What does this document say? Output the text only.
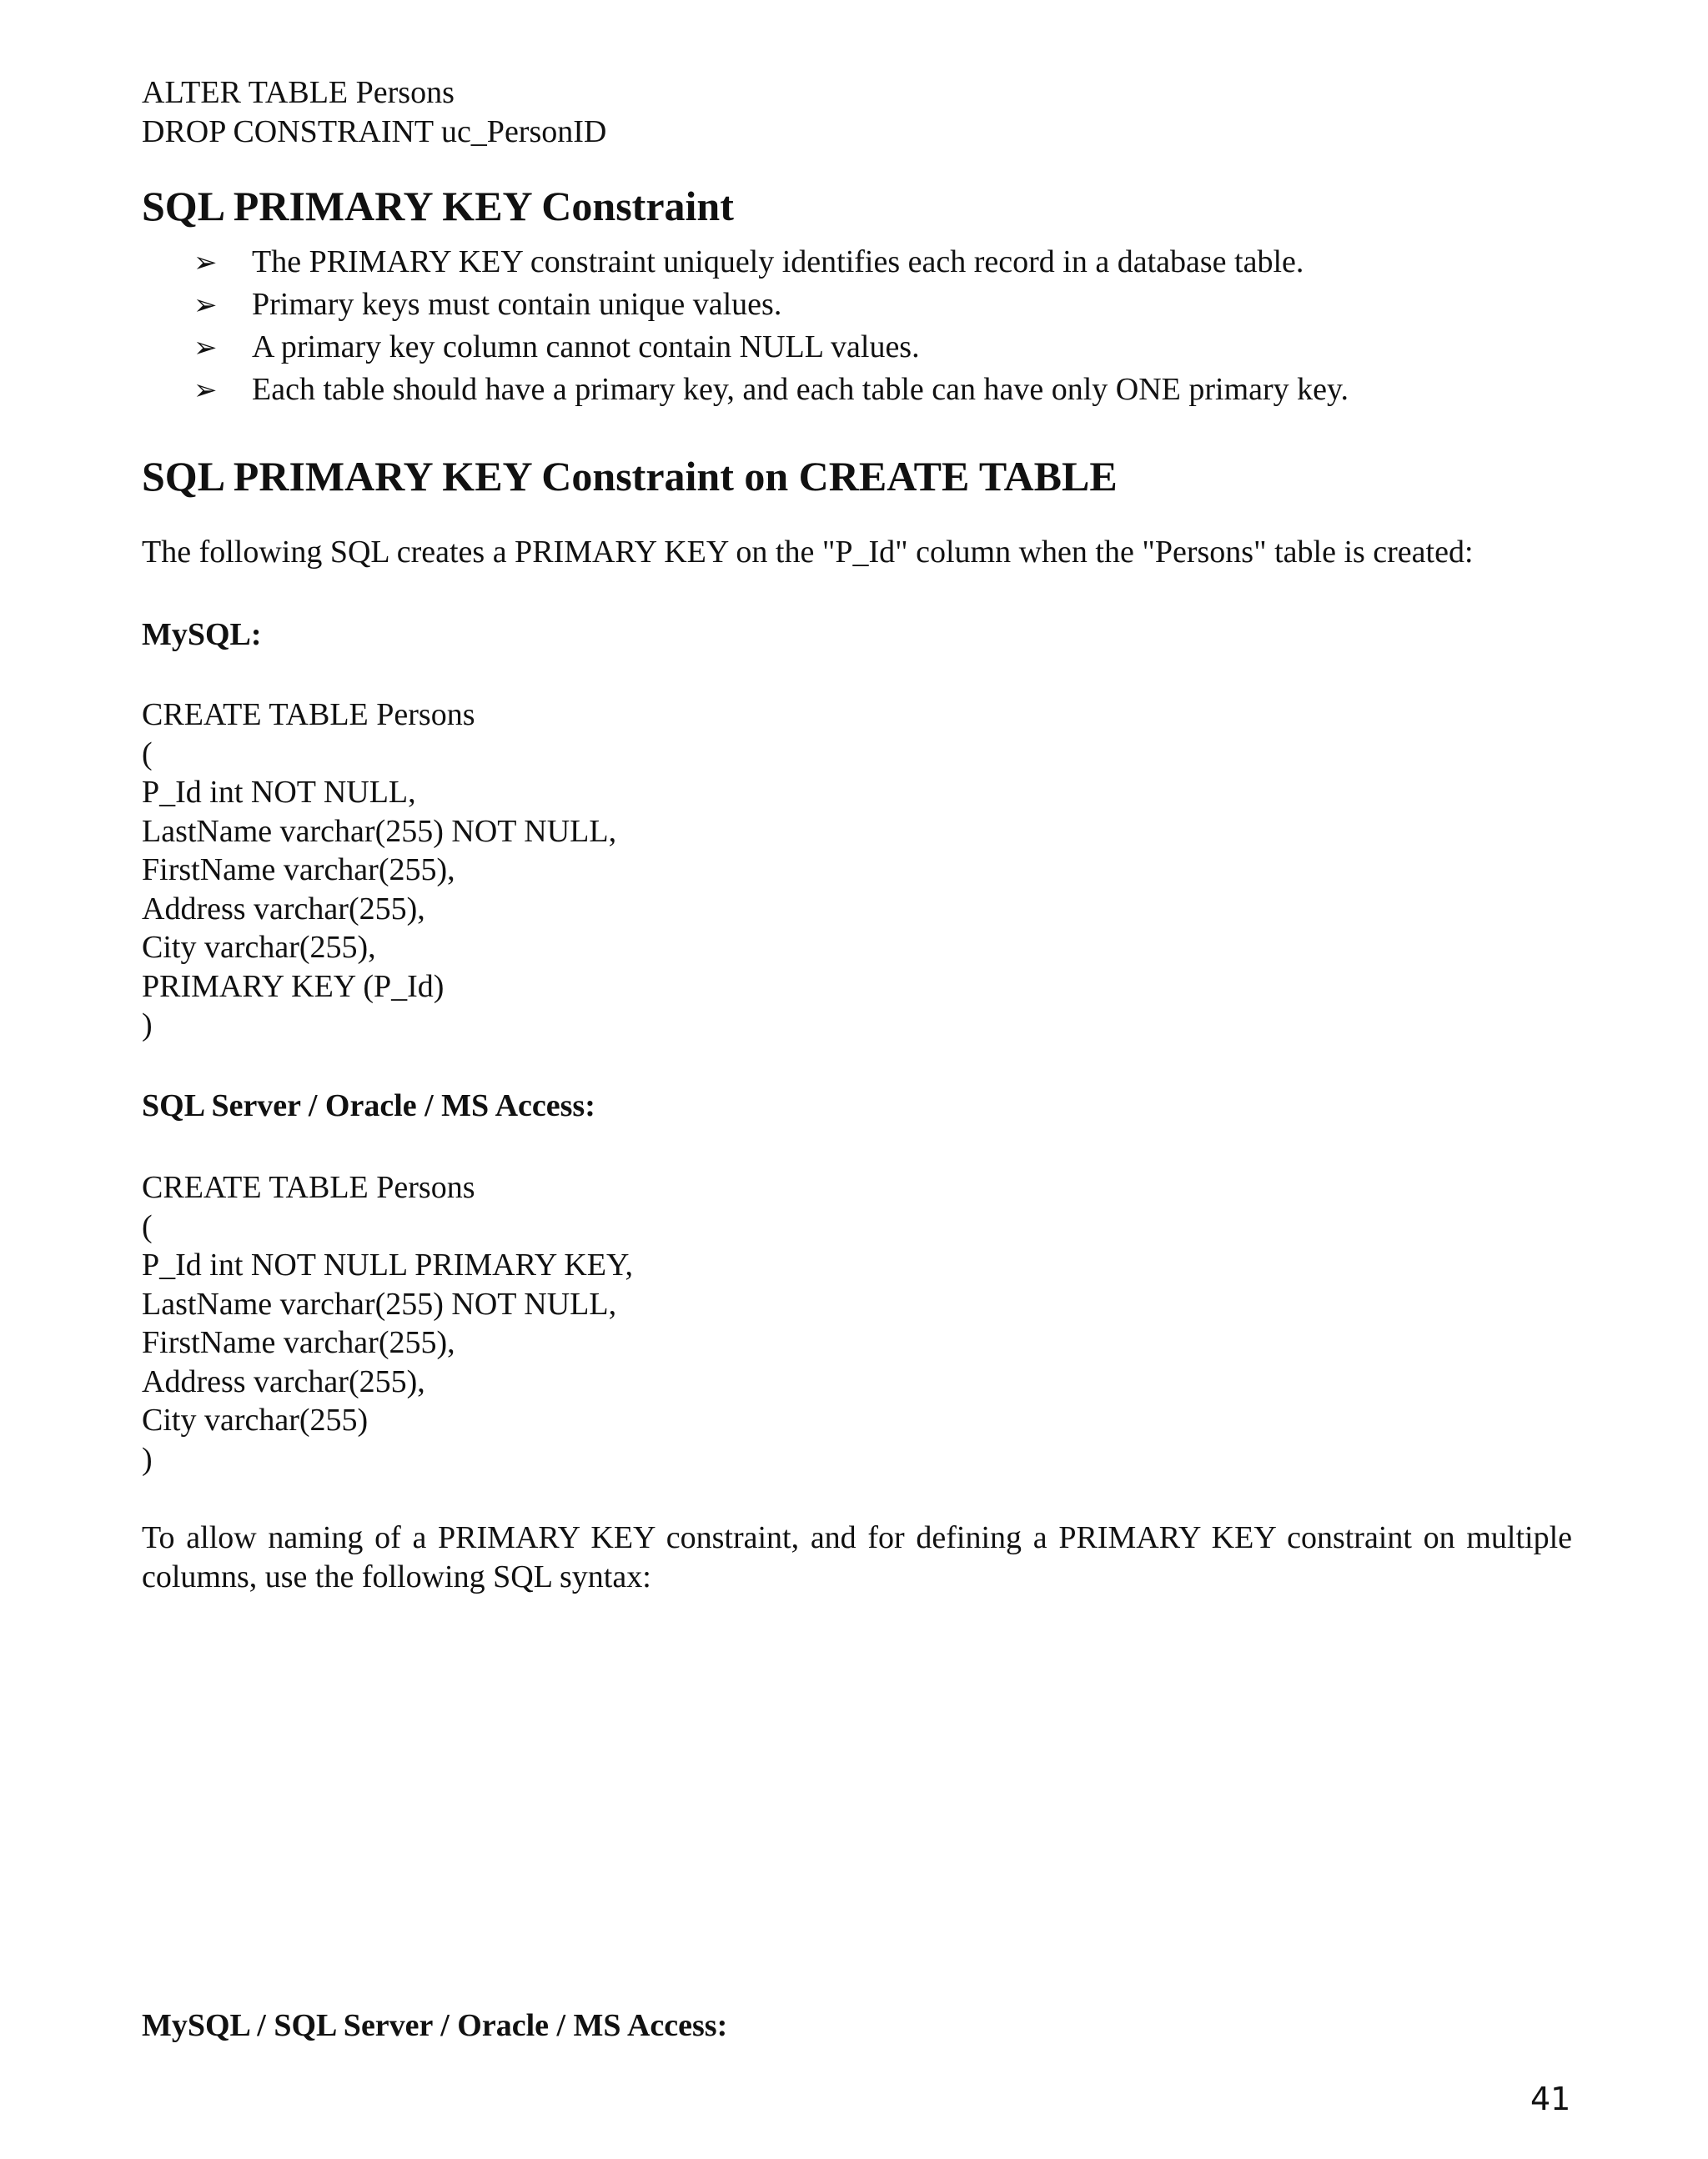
ALTER TABLE Persons
DROP CONSTRAINT uc_PersonID
SQL PRIMARY KEY Constraint
➢	The PRIMARY KEY constraint uniquely identifies each record in a database table.
➢	Primary keys must contain unique values.
➢	A primary key column cannot contain NULL values.
➢	Each table should have a primary key, and each table can have only ONE primary key.
SQL PRIMARY KEY Constraint on CREATE TABLE
The following SQL creates a PRIMARY KEY on the "P_Id" column when the "Persons" table is created:
MySQL:
CREATE TABLE Persons
(
P_Id int NOT NULL,
LastName varchar(255) NOT NULL,
FirstName varchar(255),
Address varchar(255),
City varchar(255),
PRIMARY KEY (P_Id)
)
SQL Server / Oracle / MS Access:
CREATE TABLE Persons
(
P_Id int NOT NULL PRIMARY KEY,
LastName varchar(255) NOT NULL,
FirstName varchar(255),
Address varchar(255),
City varchar(255)
)

To allow naming of a PRIMARY KEY constraint, and for defining a PRIMARY KEY constraint on multiple columns, use the following SQL syntax:

MySQL / SQL Server / Oracle / MS Access:
41
